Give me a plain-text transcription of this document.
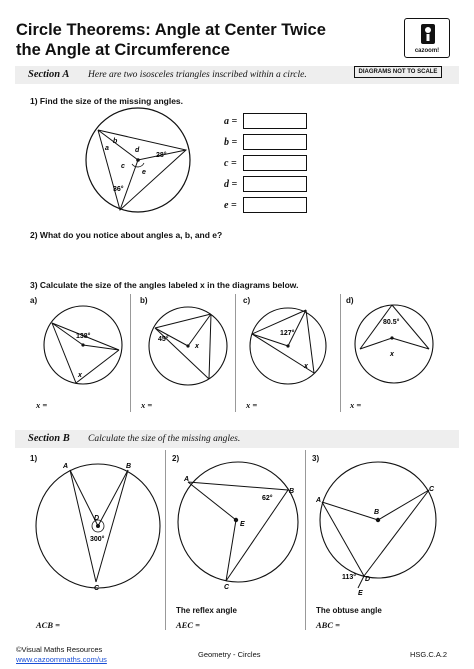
Circle Theorems: Angle at Center Twice
the Angle at Circumference	cazoom!
Section A Here are two isosceles triangles inscribed within a circle.	DIAGRAMS NOT TO SCALE
1) Find the size of the missing angles.
b
a
c
d
e
28°
36°
a =
b =
c =
d =
e =
2) What do you notice about angles a, b, and e?
3) Calculate the size of the angles labeled x in the diagrams below.
a)
138°
x
x =
b)
45°
x
x =
c)
127°
x
x =
d)
80.5°
x
x =
Section B Calculate the size of the missing angles.
1)
A	B
D
C
300°
ACB =
2)
A
B
E
C
62°
The reflex angle
AEC =
3)
A
B
C
D
E
113°
The obtuse angle
ABC =
©Visual Maths Resources
www.cazoommaths.com/us
Geometry - Circles	HSG.C.A.2
